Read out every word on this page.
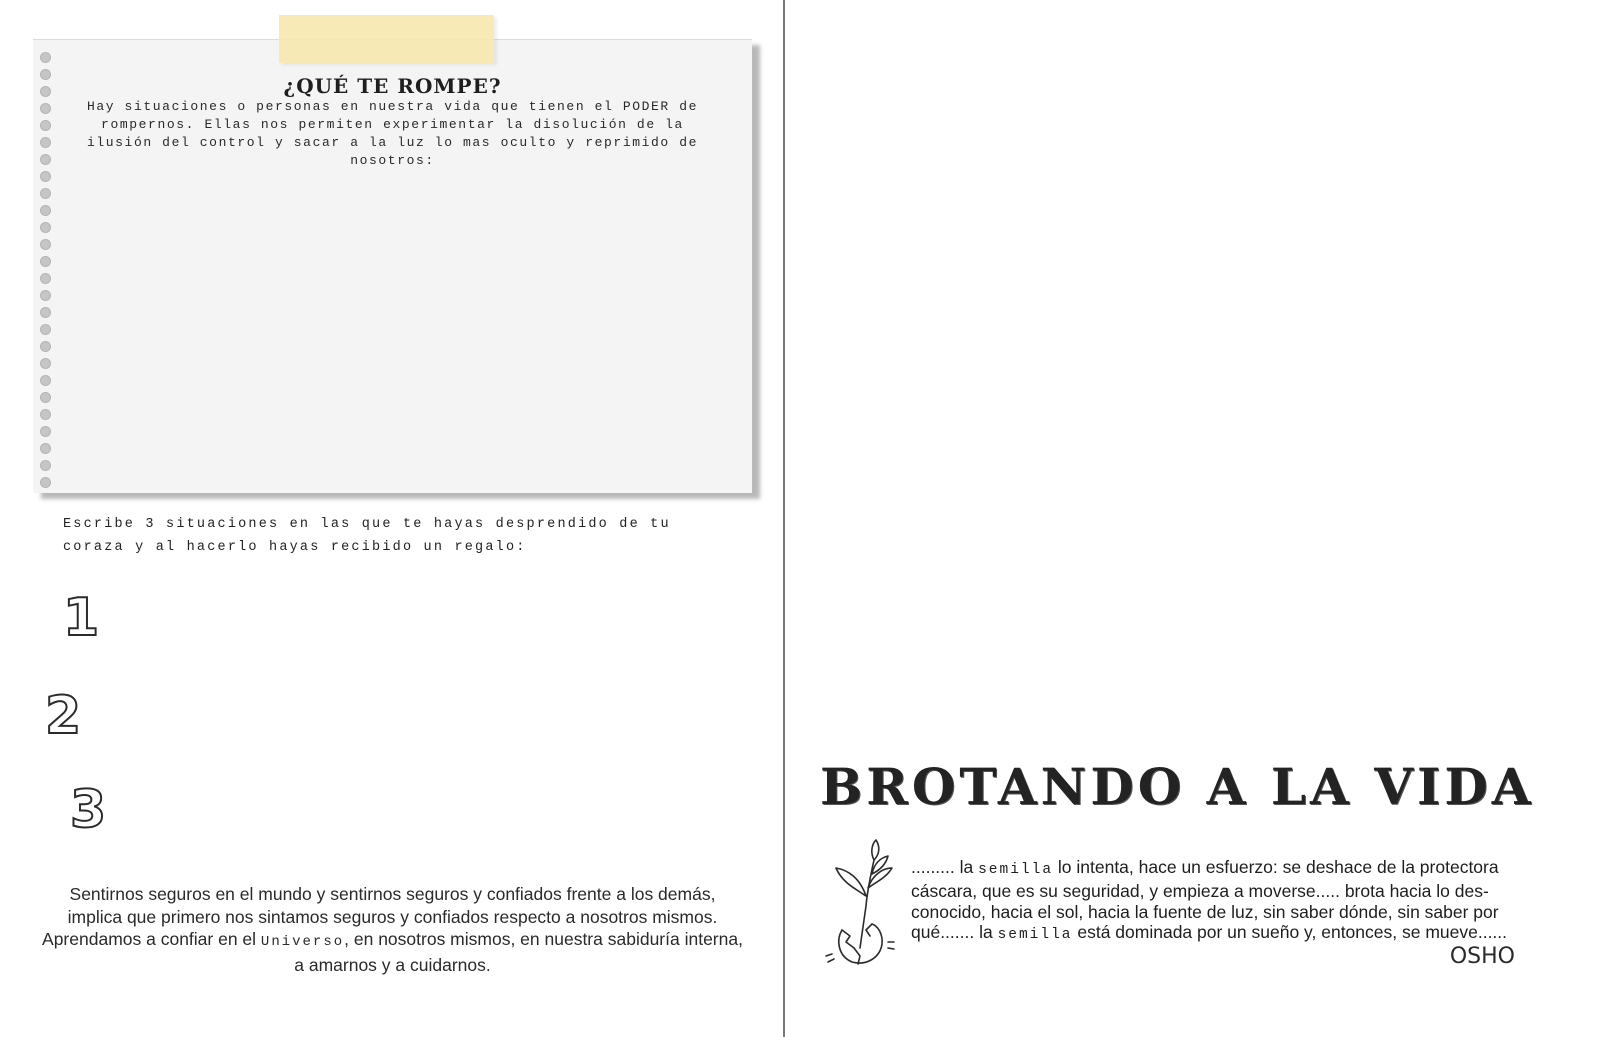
¿QUÉ TE ROMPE?

Hay situaciones o personas en nuestra vida que tienen el PODER de rompernos. Ellas nos permiten experimentar la disolución de la ilusión del control y sacar a la luz lo mas oculto y reprimido de nosotros:

Escribe 3 situaciones en las que te hayas desprendido de tu coraza y al hacerlo hayas recibido un regalo:

1
2
3

Sentirnos seguros en el mundo y sentirnos seguros y confiados frente a los demás, implica que primero nos sintamos seguros y confiados respecto a nosotros mismos. Aprendamos a confiar en el Universo, en nosotros mismos, en nuestra sabiduría interna, a amarnos y a cuidarnos.

BROTANDO A LA VIDA

......... la semilla lo intenta, hace un esfuerzo: se deshace de la protectora cáscara, que es su seguridad, y empieza a moverse..... brota hacia lo des-conocido, hacia el sol, hacia la fuente de luz, sin saber dónde, sin saber por qué....... la semilla está dominada por un sueño y, entonces, se mueve......

OSHO
